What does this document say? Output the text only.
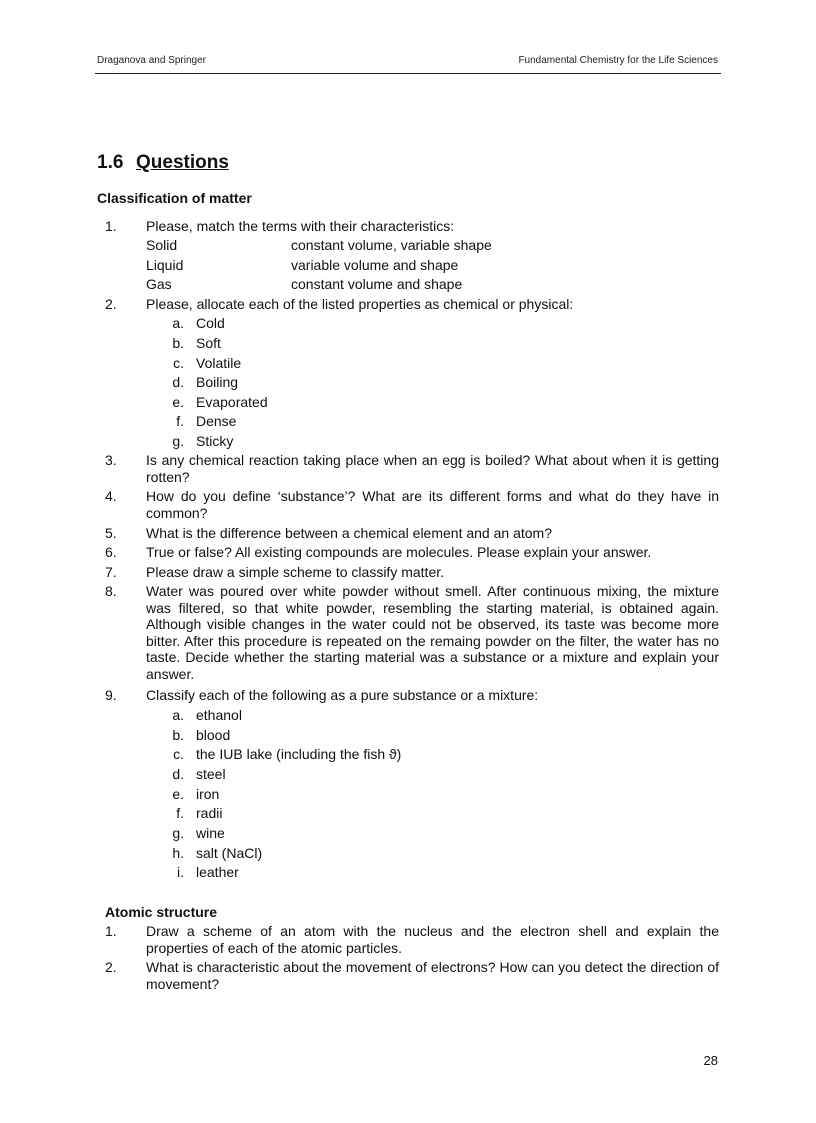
Draganova and Springer	Fundamental Chemistry for the Life Sciences
1.6 Questions
Classification of matter
1. Please, match the terms with their characteristics:
Solid	constant volume, variable shape
Liquid	variable volume and shape
Gas	constant volume and shape
2. Please, allocate each of the listed properties as chemical or physical:
a. Cold
b. Soft
c. Volatile
d. Boiling
e. Evaporated
f. Dense
g. Sticky
3. Is any chemical reaction taking place when an egg is boiled? What about when it is getting rotten?
4. How do you define ‘substance’? What are its different forms and what do they have in common?
5. What is the difference between a chemical element and an atom?
6. True or false? All existing compounds are molecules. Please explain your answer.
7. Please draw a simple scheme to classify matter.
8. Water was poured over white powder without smell. After continuous mixing, the mixture was filtered, so that white powder, resembling the starting material, is obtained again. Although visible changes in the water could not be observed, its taste was become more bitter. After this procedure is repeated on the remaing powder on the filter, the water has no taste. Decide whether the starting material was a substance or a mixture and explain your answer.
9. Classify each of the following as a pure substance or a mixture:
a. ethanol
b. blood
c. the IUB lake (including the fish ϑ)
d. steel
e. iron
f. radii
g. wine
h. salt (NaCl)
i. leather
Atomic structure
1. Draw a scheme of an atom with the nucleus and the electron shell and explain the properties of each of the atomic particles.
2. What is characteristic about the movement of electrons? How can you detect the direction of movement?
28
